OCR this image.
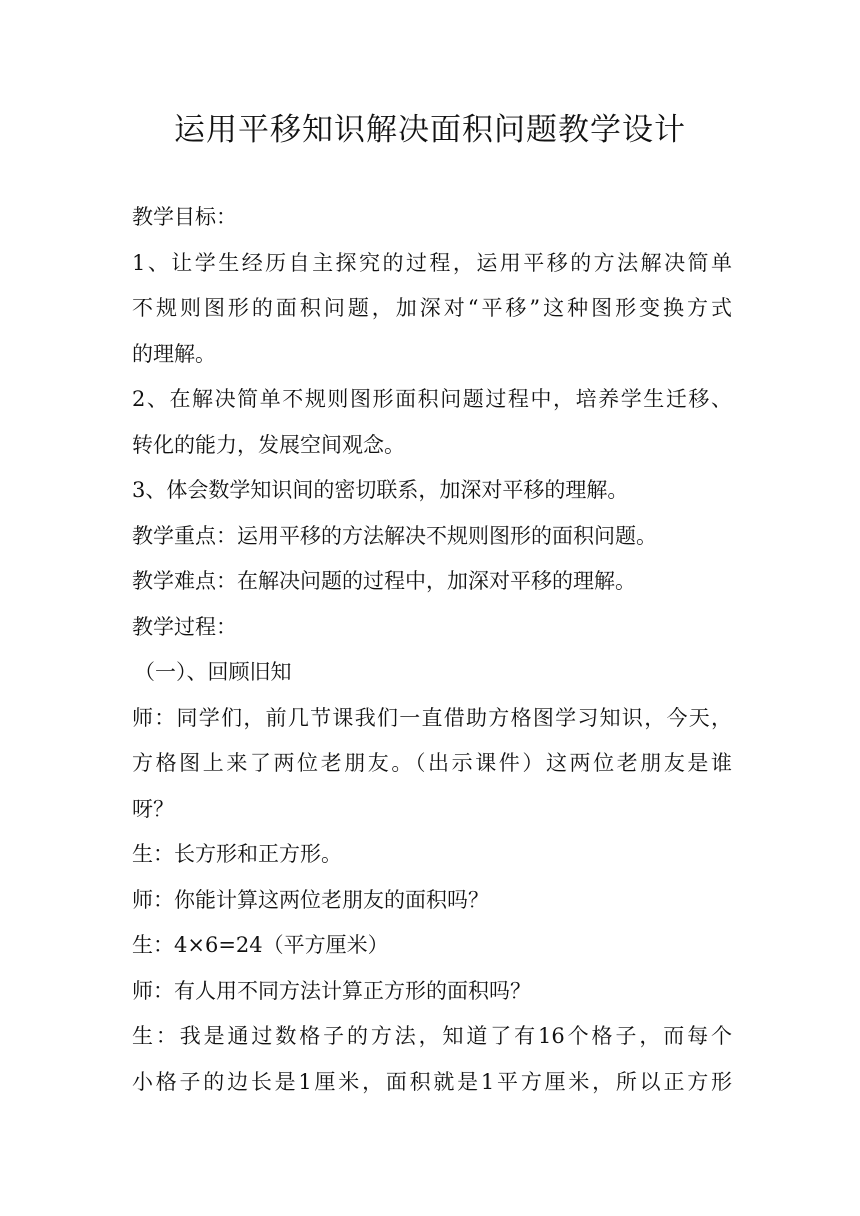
运用平移知识解决面积问题教学设计
教学目标：
1、让学生经历自主探究的过程，运用平移的方法解决简单
不规则图形的面积问题，加深对“平移”这种图形变换方式
的理解。
2、在解决简单不规则图形面积问题过程中，培养学生迁移、
转化的能力，发展空间观念。
3、体会数学知识间的密切联系，加深对平移的理解。
教学重点：运用平移的方法解决不规则图形的面积问题。
教学难点：在解决问题的过程中，加深对平移的理解。
教学过程：
（一）、回顾旧知
师：同学们，前几节课我们一直借助方格图学习知识，今天，
方格图上来了两位老朋友。（出示课件）这两位老朋友是谁
呀？
生：长方形和正方形。
师：你能计算这两位老朋友的面积吗？
生：4×6=24（平方厘米）
师：有人用不同方法计算正方形的面积吗？
生：我是通过数格子的方法，知道了有16个格子，而每个
小格子的边长是1厘米，面积就是1平方厘米，所以正方形
